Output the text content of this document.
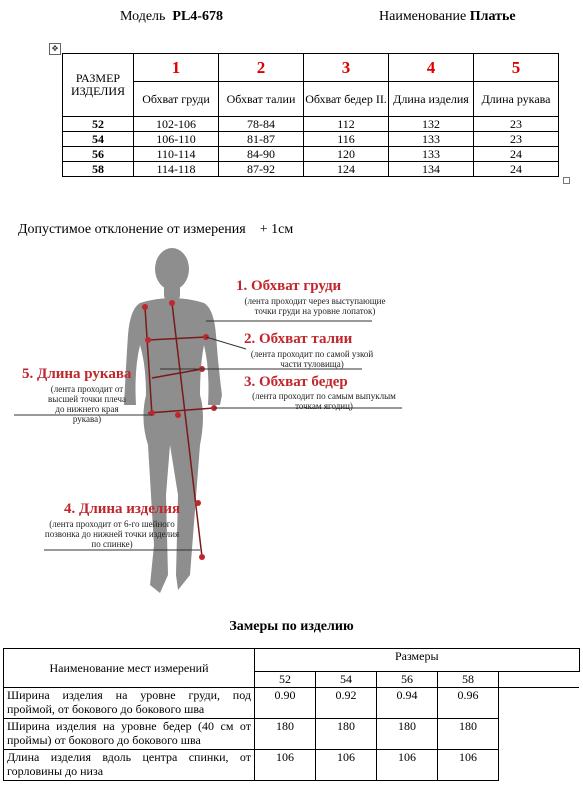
Модель PL4-678	Наименование Платье
✥
РАЗМЕР ИЗДЕЛИЯ	1	2	3	4	5
	Обхват груди	Обхват талии	Обхват бедер II.	Длина изделия	Длина рукава
52	102-106	78-84	112	132	23
54	106-110	81-87	116	133	23
56	110-114	84-90	120	133	24
58	114-118	87-92	124	134	24
Допустимое отклонение от измерения + 1см
1. Обхват груди
(лента проходит через выступающие точки груди на уровне лопаток)
2. Обхват талии
(лента проходит по самой узкой части туловища)
3. Обхват бедер
(лента проходит по самым выпуклым точкам ягодиц)
4. Длина изделия
(лента проходит от 6-го шейного позвонка до нижней точки изделия по спинке)
5. Длина рукава
(лента проходит от высшей точки плеча до нижнего края рукава)
Замеры по изделию
Наименование мест измерений	Размеры				
	52	54	56	58	
Ширина изделия на уровне груди, под проймой, от бокового до бокового шва	0.90	0.92	0.94	0.96	
Ширина изделия на уровне бедер (40 см от проймы) от бокового до бокового шва	180	180	180	180	
Длина изделия вдоль центра спинки, от горловины до низа	106	106	106	106	
